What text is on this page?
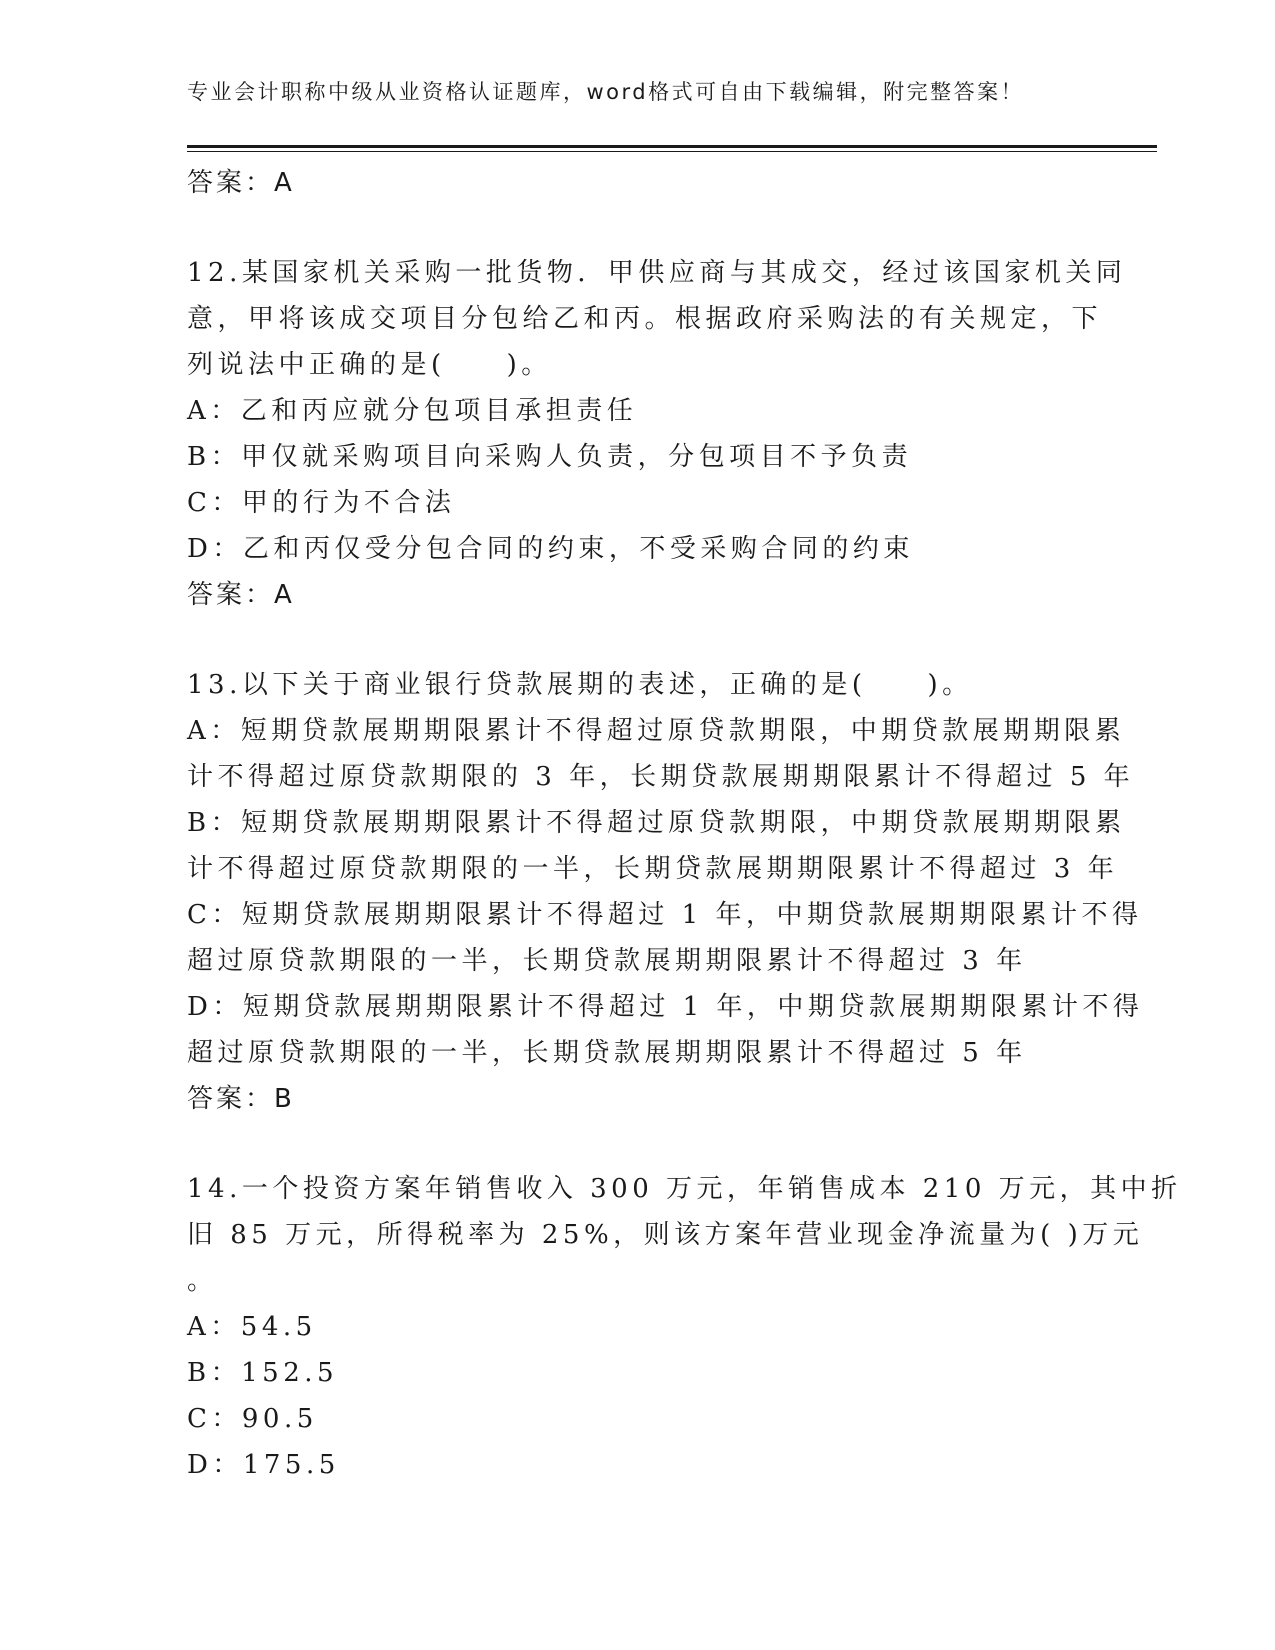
专业会计职称中级从业资格认证题库，word格式可自由下载编辑，附完整答案！
答案：A
12.某国家机关采购一批货物．甲供应商与其成交，经过该国家机关同
意，甲将该成交项目分包给乙和丙。根据政府采购法的有关规定，下
列说法中正确的是(　　)。
A：乙和丙应就分包项目承担责任
B：甲仅就采购项目向采购人负责，分包项目不予负责
C：甲的行为不合法
D：乙和丙仅受分包合同的约束，不受采购合同的约束
答案：A
13.以下关于商业银行贷款展期的表述，正确的是(　　)。
A：短期贷款展期期限累计不得超过原贷款期限，中期贷款展期期限累
计不得超过原贷款期限的 3 年，长期贷款展期期限累计不得超过 5 年
B：短期贷款展期期限累计不得超过原贷款期限，中期贷款展期期限累
计不得超过原贷款期限的一半，长期贷款展期期限累计不得超过 3 年
C：短期贷款展期期限累计不得超过 1 年，中期贷款展期期限累计不得
超过原贷款期限的一半，长期贷款展期期限累计不得超过 3 年
D：短期贷款展期期限累计不得超过 1 年，中期贷款展期期限累计不得
超过原贷款期限的一半，长期贷款展期期限累计不得超过 5 年
答案：B
14.一个投资方案年销售收入 300 万元，年销售成本 210 万元，其中折
旧 85 万元，所得税率为 25%，则该方案年营业现金净流量为( )万元
。
A：54.5
B：152.5
C：90.5
D：175.5
